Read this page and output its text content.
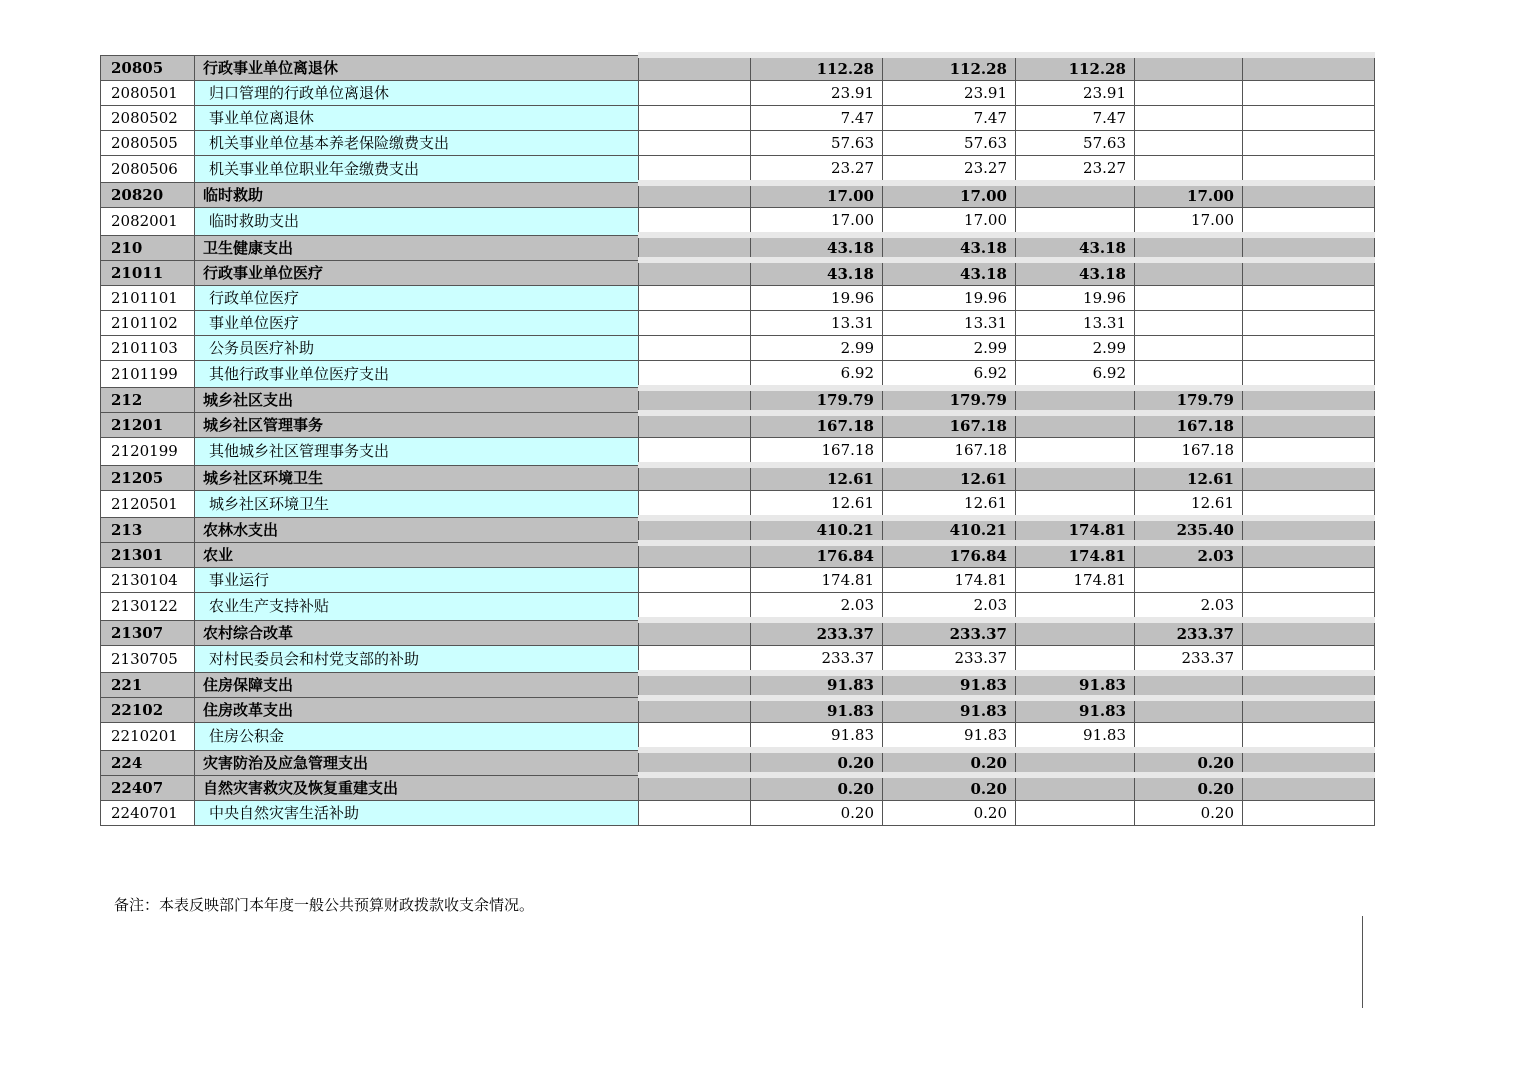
20805	行政事业单位离退休		112.28	112.28	112.28		
2080501	归口管理的行政单位离退休		23.91	23.91	23.91		
2080502	事业单位离退休		7.47	7.47	7.47		
2080505	机关事业单位基本养老保险缴费支出		57.63	57.63	57.63		
2080506	机关事业单位职业年金缴费支出		23.27	23.27	23.27		
20820	临时救助		17.00	17.00		17.00	
2082001	临时救助支出		17.00	17.00		17.00	
210	卫生健康支出		43.18	43.18	43.18		
21011	行政事业单位医疗		43.18	43.18	43.18		
2101101	行政单位医疗		19.96	19.96	19.96		
2101102	事业单位医疗		13.31	13.31	13.31		
2101103	公务员医疗补助		2.99	2.99	2.99		
2101199	其他行政事业单位医疗支出		6.92	6.92	6.92		
212	城乡社区支出		179.79	179.79		179.79	
21201	城乡社区管理事务		167.18	167.18		167.18	
2120199	其他城乡社区管理事务支出		167.18	167.18		167.18	
21205	城乡社区环境卫生		12.61	12.61		12.61	
2120501	城乡社区环境卫生		12.61	12.61		12.61	
213	农林水支出		410.21	410.21	174.81	235.40	
21301	农业		176.84	176.84	174.81	2.03	
2130104	事业运行		174.81	174.81	174.81		
2130122	农业生产支持补贴		2.03	2.03		2.03	
21307	农村综合改革		233.37	233.37		233.37	
2130705	对村民委员会和村党支部的补助		233.37	233.37		233.37	
221	住房保障支出		91.83	91.83	91.83		
22102	住房改革支出		91.83	91.83	91.83		
2210201	住房公积金		91.83	91.83	91.83		
224	灾害防治及应急管理支出		0.20	0.20		0.20	
22407	自然灾害救灾及恢复重建支出		0.20	0.20		0.20	
2240701	中央自然灾害生活补助		0.20	0.20		0.20	
备注：本表反映部门本年度一般公共预算财政拨款收支余情况。
